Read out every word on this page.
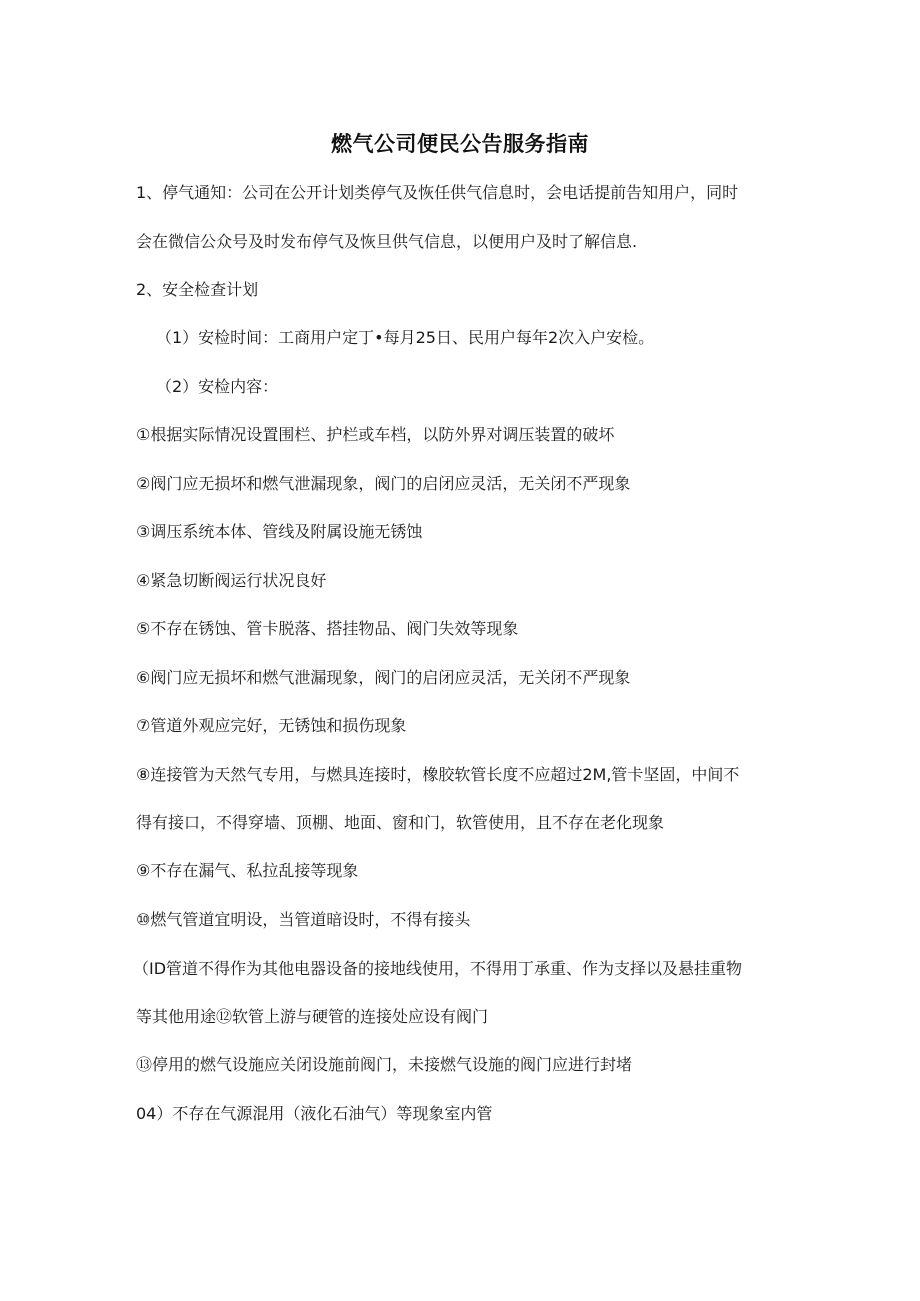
燃气公司便民公告服务指南
1、停气通知：公司在公开计划类停气及恢任供气信息时，会电话提前告知用户，同时
会在微信公众号及时发布停气及恢旦供气信息，以便用户及时了解信息.
2、安全检查计划
（1）安检时间：工商用户定丁•每月25日、民用户每年2次入户安检。
（2）安检内容：
①根据实际情况设置围栏、护栏或车档，以防外界对调压装置的破坏
②阀门应无损坏和燃气泄漏现象，阀门的启闭应灵活，无关闭不严现象
③调压系统本体、管线及附属设施无锈蚀
④紧急切断阀运行状况良好
⑤不存在锈蚀、管卡脱落、搭挂物品、阀门失效等现象
⑥阀门应无损坏和燃气泄漏现象，阀门的启闭应灵活，无关闭不严现象
⑦管道外观应完好，无锈蚀和损伤现象
⑧连接管为天然气专用，与燃具连接时，橡胶软管长度不应超过2M,管卡坚固，中间不
得有接口，不得穿墙、顶棚、地面、窗和门，软管使用，且不存在老化现象
⑨不存在漏气、私拉乱接等现象
⑩燃气管道宜明设，当管道暗设时，不得有接头
（ID管道不得作为其他电器设备的接地线使用，不得用丁承重、作为支择以及悬挂重物
等其他用途⑫软管上游与硬管的连接处应设有阀门
⑬停用的燃气设施应关闭设施前阀门，未接燃气设施的阀门应进行封堵
04）不存在气源混用（液化石油气）等现象室内管
